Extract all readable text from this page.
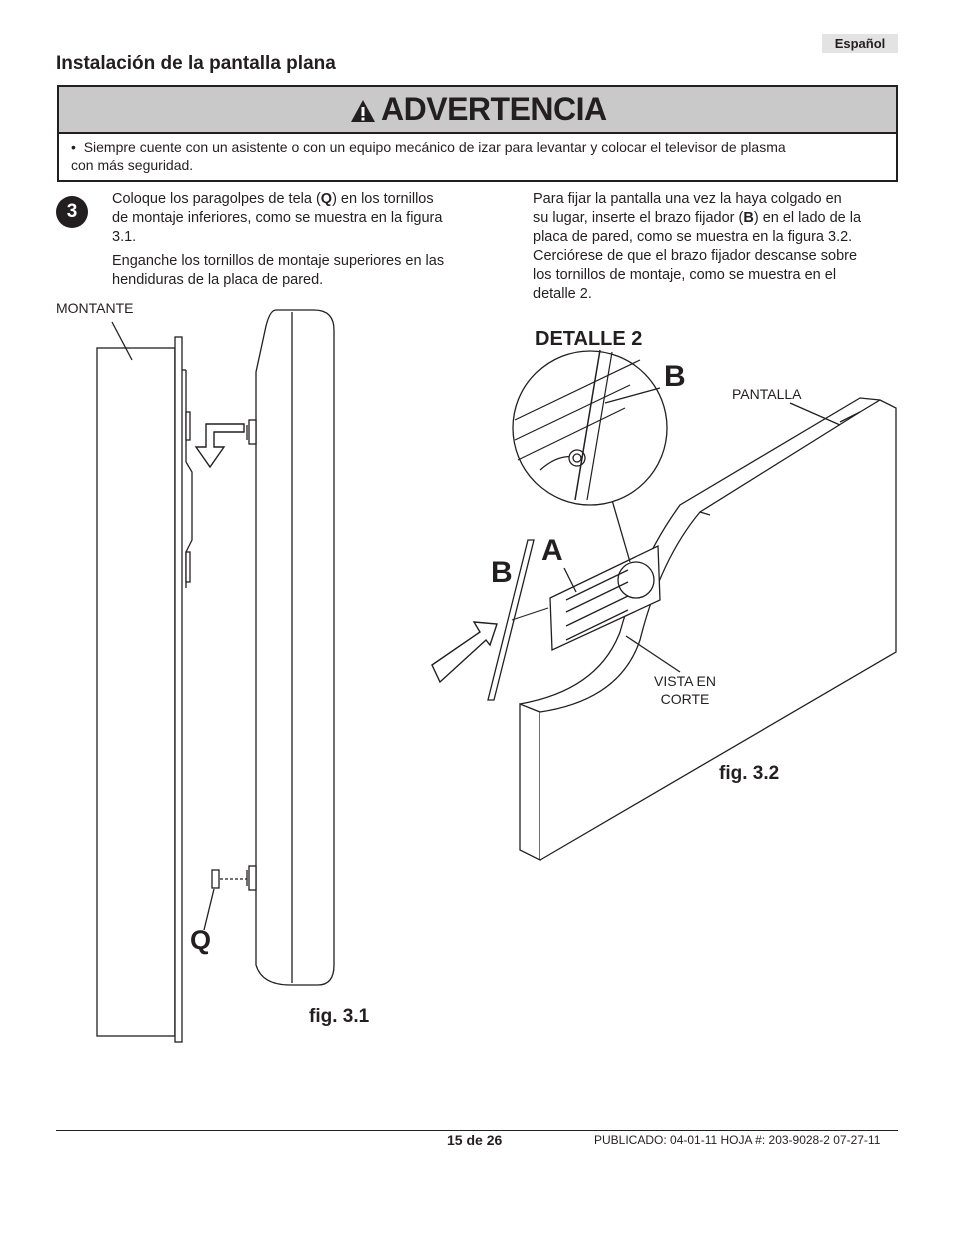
Español
Instalación de la pantalla plana
ADVERTENCIA
• Siempre cuente con un asistente o con un equipo mecánico de izar para levantar y colocar el televisor de plasma
con más seguridad.
3
Coloque los paragolpes de tela (Q) en los tornillos
de montaje inferiores, como se muestra en la figura
3.1.
Enganche los tornillos de montaje superiores en las
hendiduras de la placa de pared.
Para fijar la pantalla una vez la haya colgado en
su lugar, inserte el brazo fijador (B) en el lado de la
placa de pared, como se muestra en la figura 3.2.
Cerciórese de que el brazo fijador descanse sobre
los tornillos de montaje, como se muestra en el
detalle 2.
MONTANTE
Q
fig. 3.1
DETALLE 2
B
PANTALLA
A
B
VISTA EN
CORTE
fig. 3.2
15 de 26	PUBLICADO: 04-01-11 HOJA #: 203-9028-2 07-27-11
